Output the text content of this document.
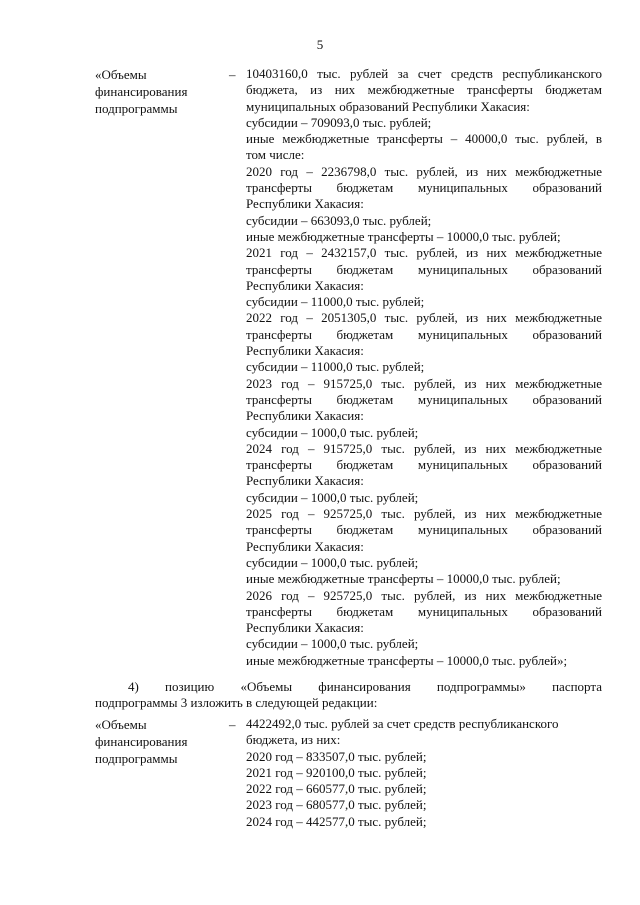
5
«Объемы
финансирования
подпрограммы
– 10403160,0 тыс. рублей за счет средств республиканского
бюджета, из них межбюджетные трансферты бюджетам
муниципальных образований Республики Хакасия:
субсидии – 709093,0 тыс. рублей;
иные межбюджетные трансферты – 40000,0 тыс. рублей, в
том числе:
2020 год – 2236798,0 тыс. рублей, из них межбюджетные
трансферты бюджетам муниципальных образований
Республики Хакасия:
субсидии – 663093,0 тыс. рублей;
иные межбюджетные трансферты – 10000,0 тыс. рублей;
2021 год – 2432157,0 тыс. рублей, из них межбюджетные
трансферты бюджетам муниципальных образований
Республики Хакасия:
субсидии – 11000,0 тыс. рублей;
2022 год – 2051305,0 тыс. рублей, из них межбюджетные
трансферты бюджетам муниципальных образований
Республики Хакасия:
субсидии – 11000,0 тыс. рублей;
2023 год – 915725,0 тыс. рублей, из них межбюджетные
трансферты бюджетам муниципальных образований
Республики Хакасия:
субсидии – 1000,0 тыс. рублей;
2024 год – 915725,0 тыс. рублей, из них межбюджетные
трансферты бюджетам муниципальных образований
Республики Хакасия:
субсидии – 1000,0 тыс. рублей;
2025 год – 925725,0 тыс. рублей, из них межбюджетные
трансферты бюджетам муниципальных образований
Республики Хакасия:
субсидии – 1000,0 тыс. рублей;
иные межбюджетные трансферты – 10000,0 тыс. рублей;
2026 год – 925725,0 тыс. рублей, из них межбюджетные
трансферты бюджетам муниципальных образований
Республики Хакасия:
субсидии – 1000,0 тыс. рублей;
иные межбюджетные трансферты – 10000,0 тыс. рублей»;
4) позицию «Объемы финансирования подпрограммы» паспорта
подпрограммы 3 изложить в следующей редакции:
«Объемы
финансирования
подпрограммы
– 4422492,0 тыс. рублей за счет средств республиканского
бюджета, из них:
2020 год – 833507,0 тыс. рублей;
2021 год – 920100,0 тыс. рублей;
2022 год – 660577,0 тыс. рублей;
2023 год – 680577,0 тыс. рублей;
2024 год – 442577,0 тыс. рублей;
